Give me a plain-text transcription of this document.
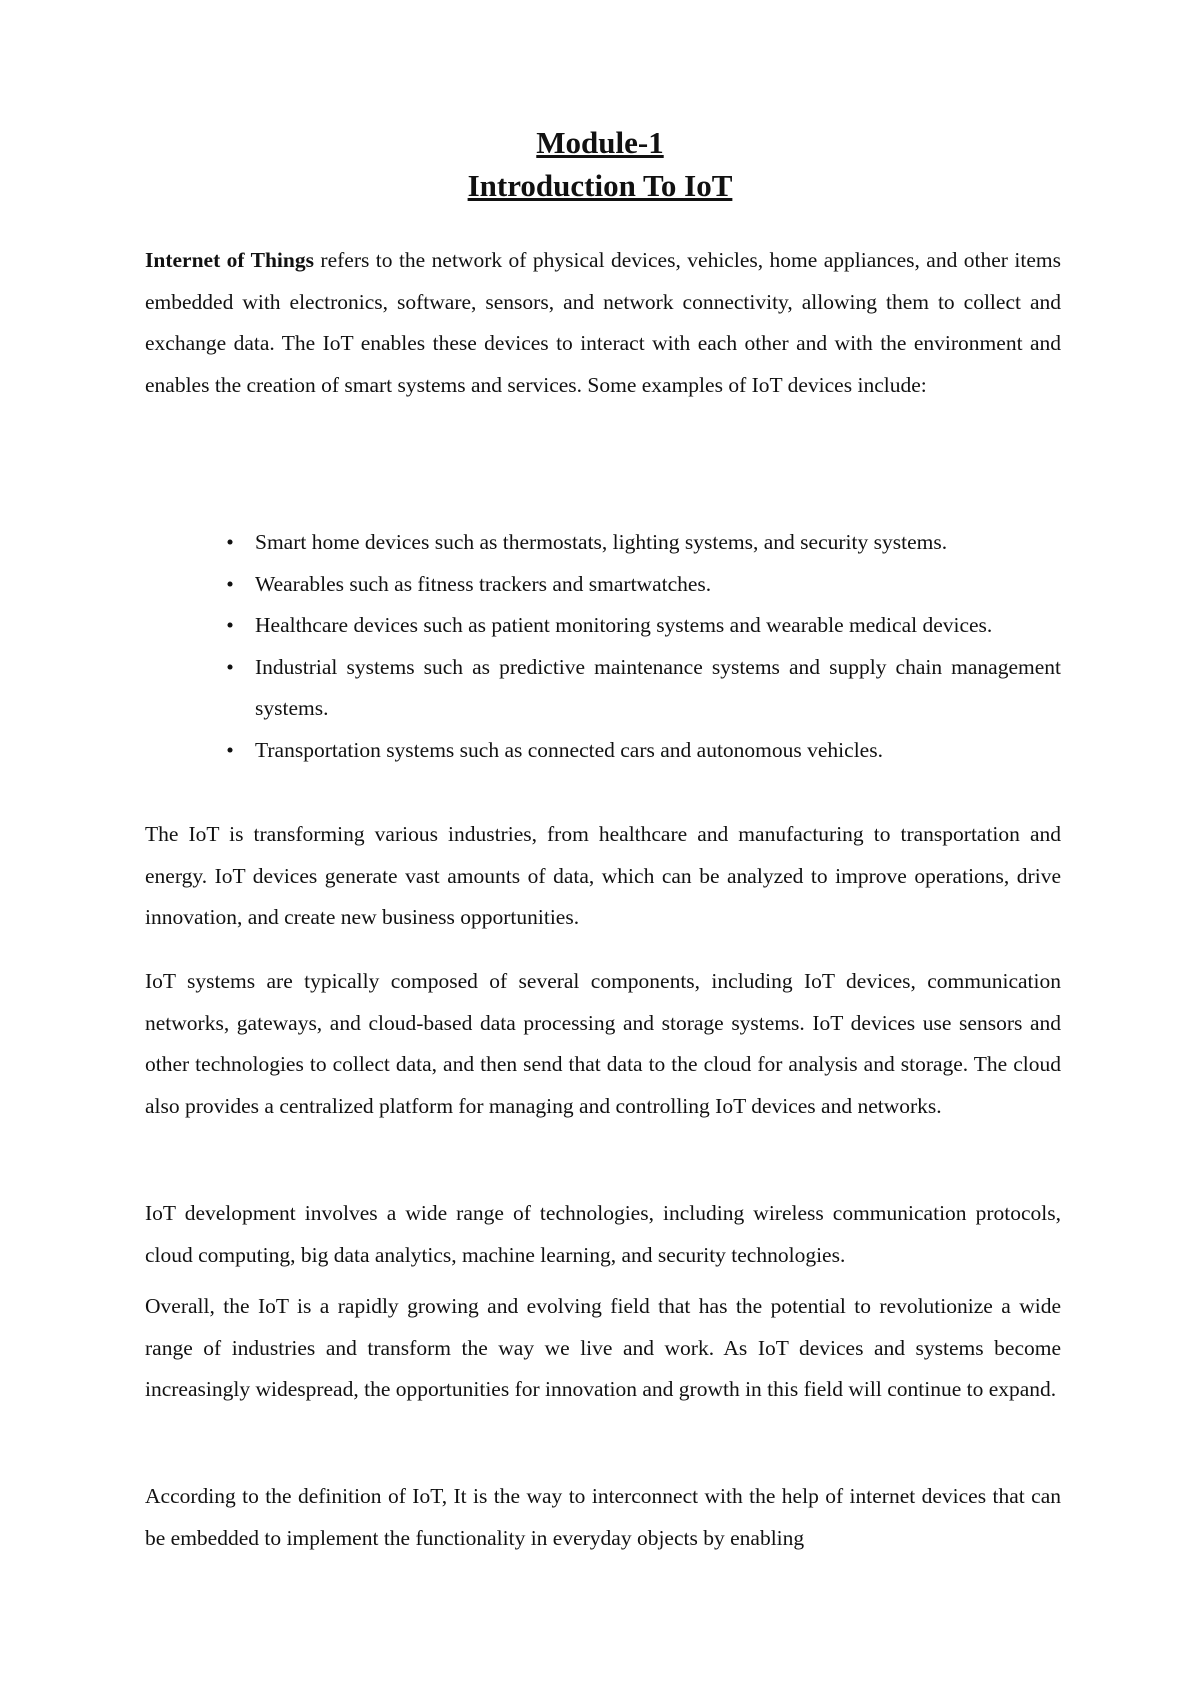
Module-1
Introduction To IoT

Internet of Things refers to the network of physical devices, vehicles, home appliances, and other items embedded with electronics, software, sensors, and network connectivity, allowing them to collect and exchange data. The IoT enables these devices to interact with each other and with the environment and enables the creation of smart systems and services. Some examples of IoT devices include:

• Smart home devices such as thermostats, lighting systems, and security systems.
• Wearables such as fitness trackers and smartwatches.
• Healthcare devices such as patient monitoring systems and wearable medical devices.
• Industrial systems such as predictive maintenance systems and supply chain management systems.
• Transportation systems such as connected cars and autonomous vehicles.

The IoT is transforming various industries, from healthcare and manufacturing to transportation and energy. IoT devices generate vast amounts of data, which can be analyzed to improve operations, drive innovation, and create new business opportunities.

IoT systems are typically composed of several components, including IoT devices, communication networks, gateways, and cloud-based data processing and storage systems. IoT devices use sensors and other technologies to collect data, and then send that data to the cloud for analysis and storage. The cloud also provides a centralized platform for managing and controlling IoT devices and networks.

IoT development involves a wide range of technologies, including wireless communication protocols, cloud computing, big data analytics, machine learning, and security technologies.

Overall, the IoT is a rapidly growing and evolving field that has the potential to revolutionize a wide range of industries and transform the way we live and work. As IoT devices and systems become increasingly widespread, the opportunities for innovation and growth in this field will continue to expand.

According to the definition of IoT, It is the way to interconnect with the help of internet devices that can be embedded to implement the functionality in everyday objects by enabling
